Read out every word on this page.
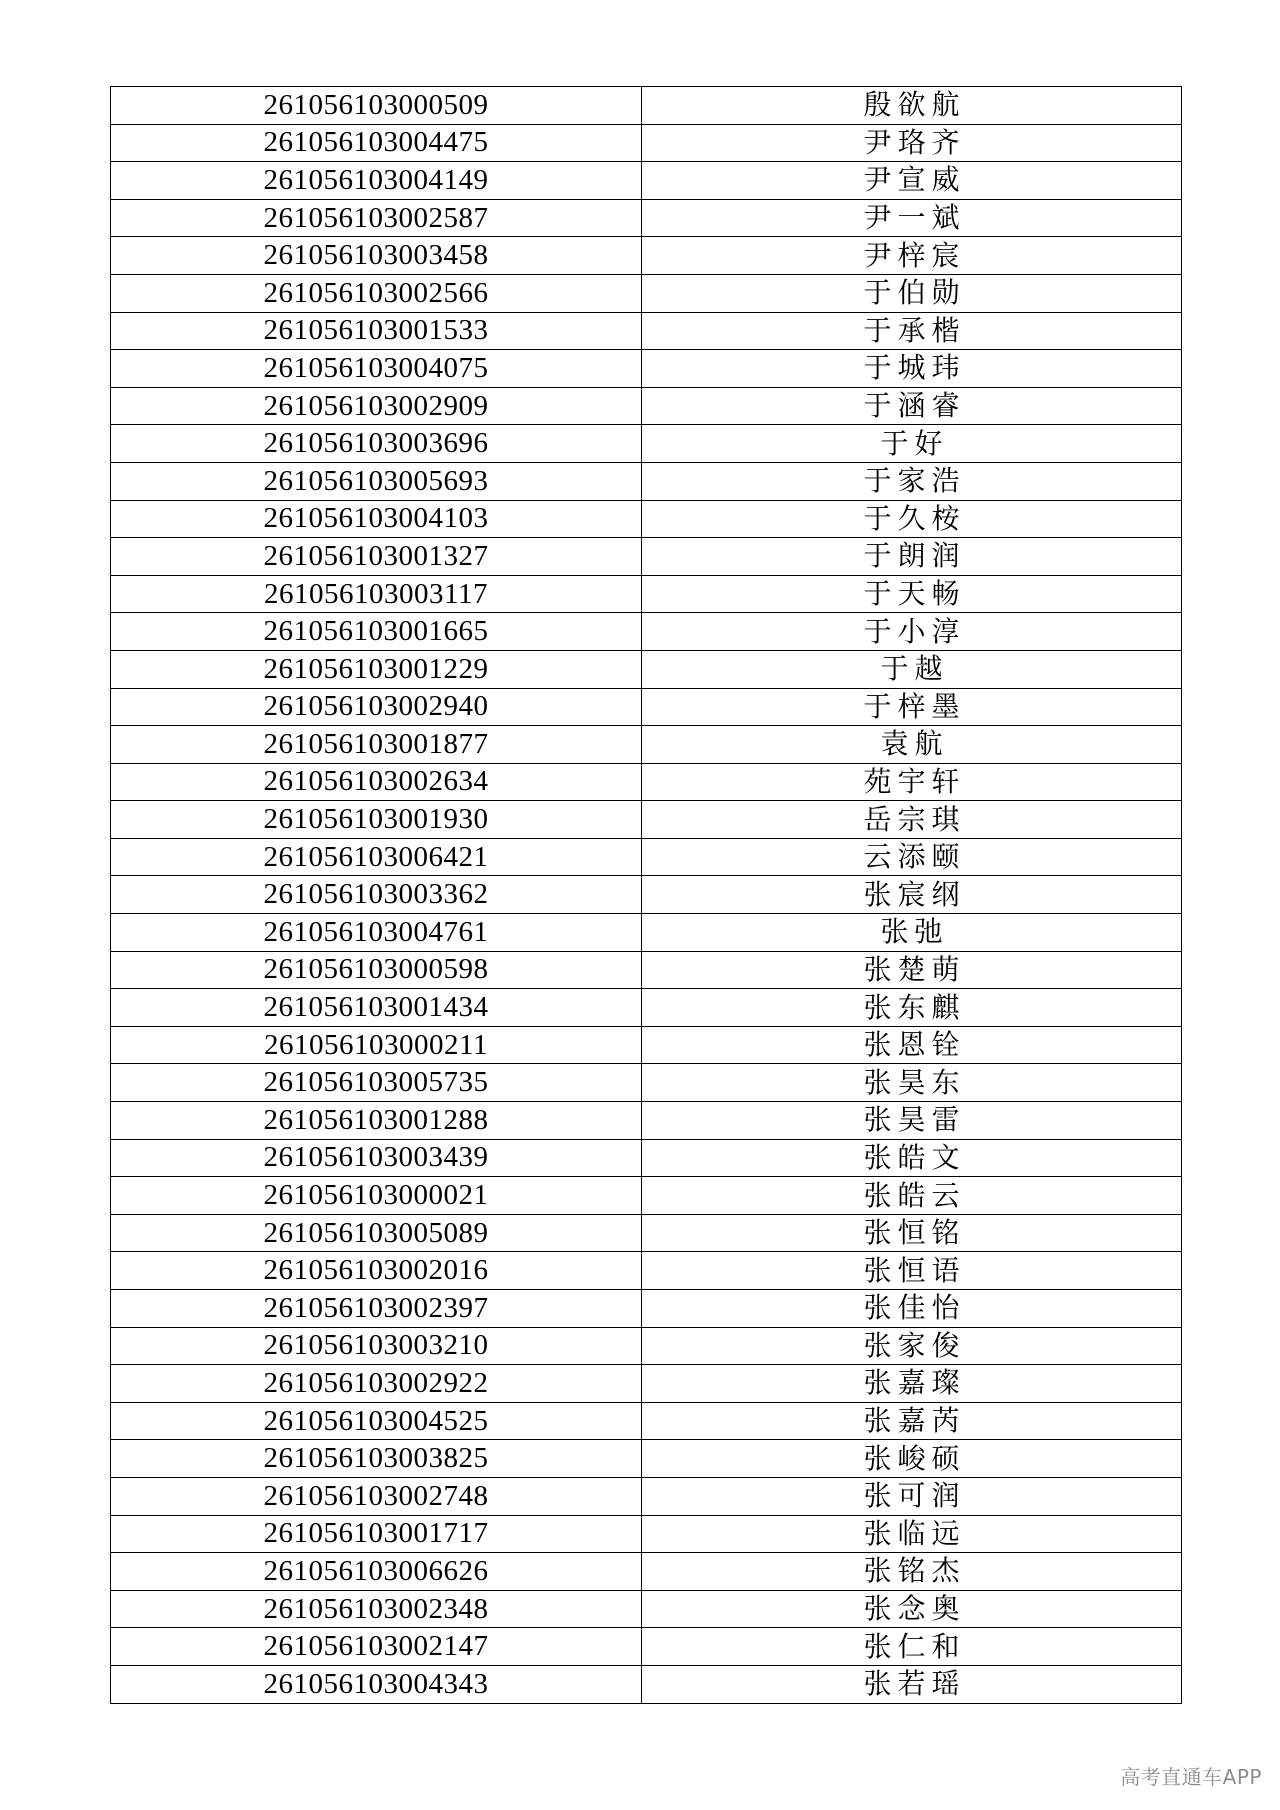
261056103000509	殷欲航
261056103004475	尹珞齐
261056103004149	尹宣威
261056103002587	尹一斌
261056103003458	尹梓宸
261056103002566	于伯勋
261056103001533	于承楷
261056103004075	于城玮
261056103002909	于涵睿
261056103003696	于好
261056103005693	于家浩
261056103004103	于久桉
261056103001327	于朗润
261056103003117	于天畅
261056103001665	于小淳
261056103001229	于越
261056103002940	于梓墨
261056103001877	袁航
261056103002634	苑宇轩
261056103001930	岳宗琪
261056103006421	云添颐
261056103003362	张宸纲
261056103004761	张弛
261056103000598	张楚萌
261056103001434	张东麒
261056103000211	张恩铨
261056103005735	张昊东
261056103001288	张昊雷
261056103003439	张皓文
261056103000021	张皓云
261056103005089	张恒铭
261056103002016	张恒语
261056103002397	张佳怡
261056103003210	张家俊
261056103002922	张嘉璨
261056103004525	张嘉芮
261056103003825	张峻硕
261056103002748	张可润
261056103001717	张临远
261056103006626	张铭杰
261056103002348	张念奥
261056103002147	张仁和
261056103004343	张若瑶
高考直通车APP
